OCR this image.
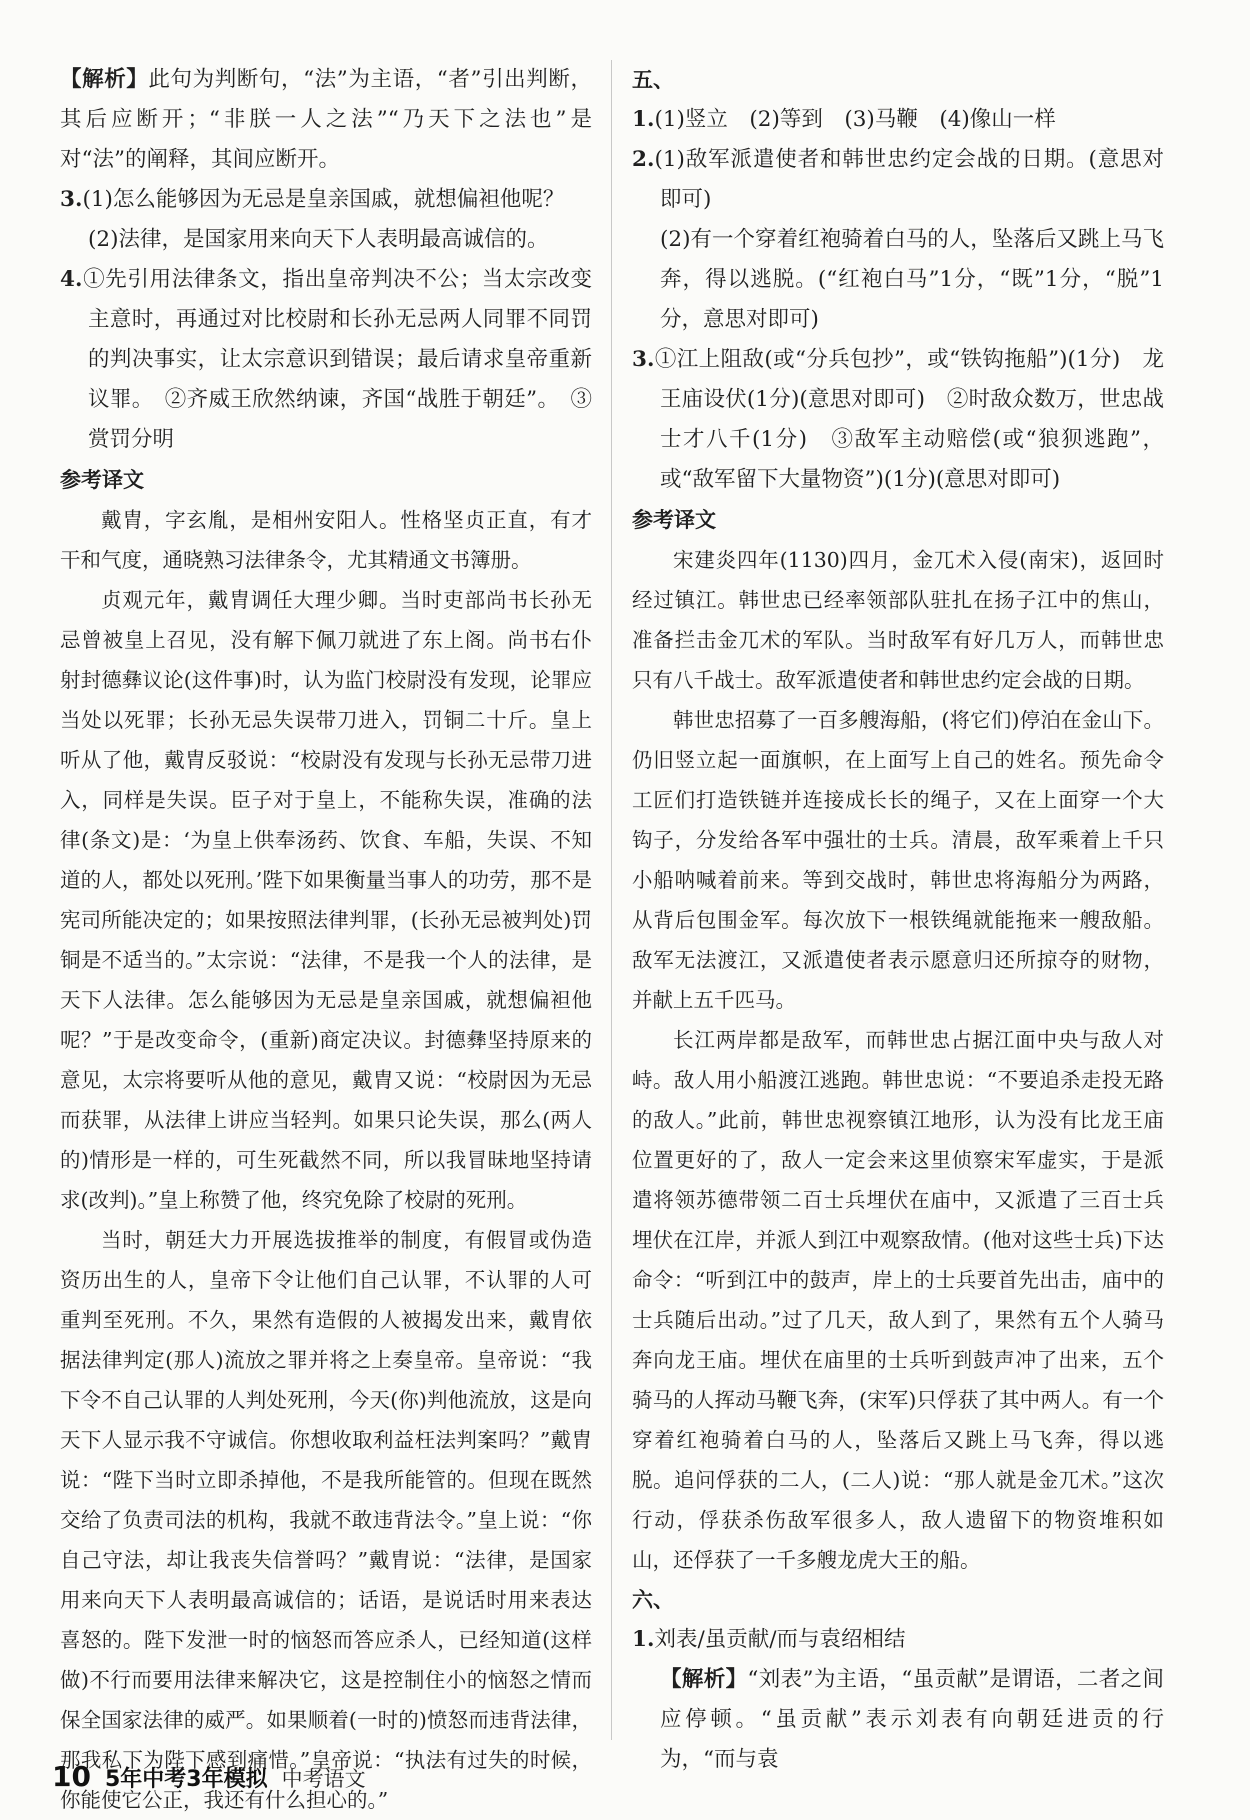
【解析】此句为判断句，“法”为主语，“者”引出判断，其后应断开；“非朕一人之法”“乃天下之法也”是对“法”的阐释，其间应断开。

3.(1)怎么能够因为无忌是皇亲国戚，就想偏袒他呢？

(2)法律，是国家用来向天下人表明最高诚信的。

4.①先引用法律条文，指出皇帝判决不公；当太宗改变主意时，再通过对比校尉和长孙无忌两人同罪不同罚的判决事实，让太宗意识到错误；最后请求皇帝重新议罪。　②齐威王欣然纳谏，齐国“战胜于朝廷”。　③赏罚分明

参考译文

戴胄，字玄胤，是相州安阳人。性格坚贞正直，有才干和气度，通晓熟习法律条令，尤其精通文书簿册。

贞观元年，戴胄调任大理少卿。当时吏部尚书长孙无忌曾被皇上召见，没有解下佩刀就进了东上阁。尚书右仆射封德彝议论(这件事)时，认为监门校尉没有发现，论罪应当处以死罪；长孙无忌失误带刀进入，罚铜二十斤。皇上听从了他，戴胄反驳说：“校尉没有发现与长孙无忌带刀进入，同样是失误。臣子对于皇上，不能称失误，准确的法律(条文)是：‘为皇上供奉汤药、饮食、车船，失误、不知道的人，都处以死刑。’陛下如果衡量当事人的功劳，那不是宪司所能决定的；如果按照法律判罪，(长孙无忌被判处)罚铜是不适当的。”太宗说：“法律，不是我一个人的法律，是天下人法律。怎么能够因为无忌是皇亲国戚，就想偏袒他呢？”于是改变命令，(重新)商定决议。封德彝坚持原来的意见，太宗将要听从他的意见，戴胄又说：“校尉因为无忌而获罪，从法律上讲应当轻判。如果只论失误，那么(两人的)情形是一样的，可生死截然不同，所以我冒昧地坚持请求(改判)。”皇上称赞了他，终究免除了校尉的死刑。

当时，朝廷大力开展选拔推举的制度，有假冒或伪造资历出生的人，皇帝下令让他们自己认罪，不认罪的人可重判至死刑。不久，果然有造假的人被揭发出来，戴胄依据法律判定(那人)流放之罪并将之上奏皇帝。皇帝说：“我下令不自己认罪的人判处死刑，今天(你)判他流放，这是向天下人显示我不守诚信。你想收取利益枉法判案吗？”戴胄说：“陛下当时立即杀掉他，不是我所能管的。但现在既然交给了负责司法的机构，我就不敢违背法令。”皇上说：“你自己守法，却让我丧失信誉吗？”戴胄说：“法律，是国家用来向天下人表明最高诚信的；话语，是说话时用来表达喜怒的。陛下发泄一时的恼怒而答应杀人，已经知道(这样做)不行而要用法律来解决它，这是控制住小的恼怒之情而保全国家法律的威严。如果顺着(一时的)愤怒而违背法律，那我私下为陛下感到痛惜。”皇帝说：“执法有过失的时候，你能使它公正，我还有什么担心的。”

五、

1.(1)竖立　(2)等到　(3)马鞭　(4)像山一样

2.(1)敌军派遣使者和韩世忠约定会战的日期。(意思对即可)

(2)有一个穿着红袍骑着白马的人，坠落后又跳上马飞奔，得以逃脱。(“红袍白马”1分，“既”1分，“脱”1分，意思对即可)

3.①江上阻敌(或“分兵包抄”，或“铁钩拖船”)(1分)　龙王庙设伏(1分)(意思对即可)　②时敌众数万，世忠战士才八千(1分)　③敌军主动赔偿(或“狼狈逃跑”，或“敌军留下大量物资”)(1分)(意思对即可)

参考译文

宋建炎四年(1130)四月，金兀术入侵(南宋)，返回时经过镇江。韩世忠已经率领部队驻扎在扬子江中的焦山，准备拦击金兀术的军队。当时敌军有好几万人，而韩世忠只有八千战士。敌军派遣使者和韩世忠约定会战的日期。

韩世忠招募了一百多艘海船，(将它们)停泊在金山下。仍旧竖立起一面旗帜，在上面写上自己的姓名。预先命令工匠们打造铁链并连接成长长的绳子，又在上面穿一个大钩子，分发给各军中强壮的士兵。清晨，敌军乘着上千只小船呐喊着前来。等到交战时，韩世忠将海船分为两路，从背后包围金军。每次放下一根铁绳就能拖来一艘敌船。敌军无法渡江，又派遣使者表示愿意归还所掠夺的财物，并献上五千匹马。

长江两岸都是敌军，而韩世忠占据江面中央与敌人对峙。敌人用小船渡江逃跑。韩世忠说：“不要追杀走投无路的敌人。”此前，韩世忠视察镇江地形，认为没有比龙王庙位置更好的了，敌人一定会来这里侦察宋军虚实，于是派遣将领苏德带领二百士兵埋伏在庙中，又派遣了三百士兵埋伏在江岸，并派人到江中观察敌情。(他对这些士兵)下达命令：“听到江中的鼓声，岸上的士兵要首先出击，庙中的士兵随后出动。”过了几天，敌人到了，果然有五个人骑马奔向龙王庙。埋伏在庙里的士兵听到鼓声冲了出来，五个骑马的人挥动马鞭飞奔，(宋军)只俘获了其中两人。有一个穿着红袍骑着白马的人，坠落后又跳上马飞奔，得以逃脱。追问俘获的二人，(二人)说：“那人就是金兀术。”这次行动，俘获杀伤敌军很多人，敌人遗留下的物资堆积如山，还俘获了一千多艘龙虎大王的船。

六、

1.刘表/虽贡献/而与袁绍相结

【解析】“刘表”为主语，“虽贡献”是谓语，二者之间应停顿。“虽贡献”表示刘表有向朝廷进贡的行为，“而与袁

10 5年中考3年模拟 中考语文
